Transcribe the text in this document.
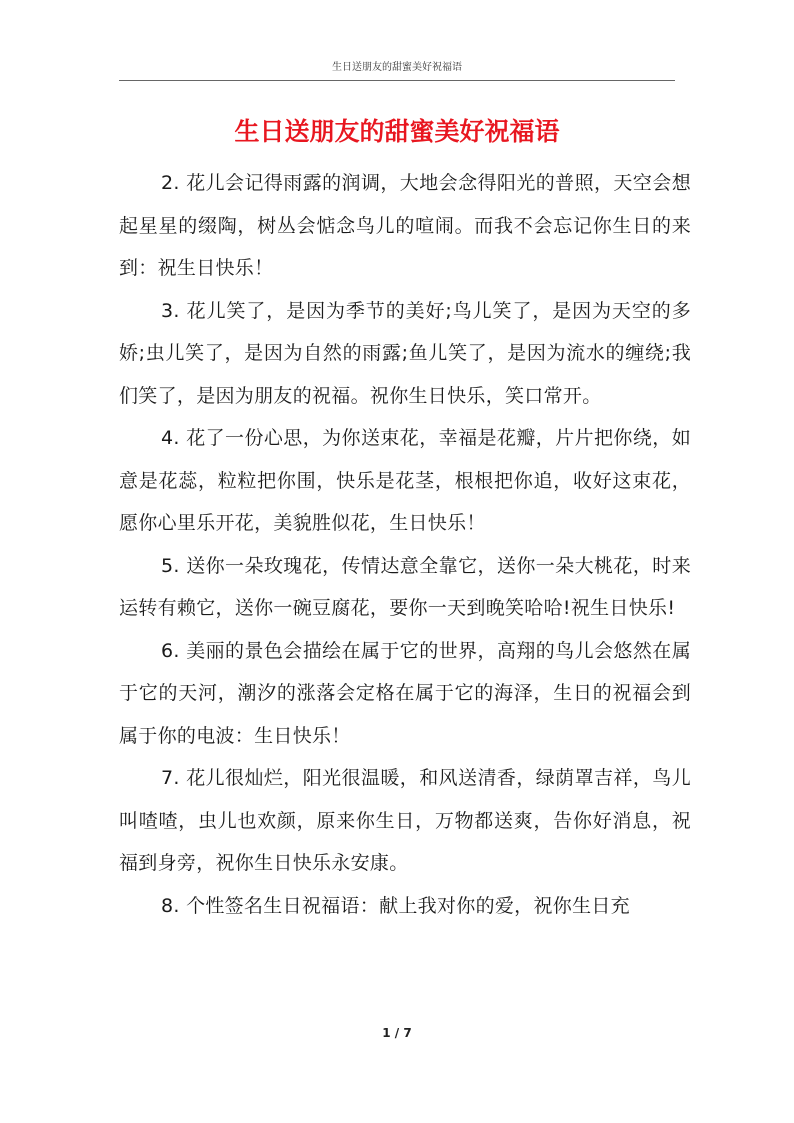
生日送朋友的甜蜜美好祝福语
生日送朋友的甜蜜美好祝福语

2. 花儿会记得雨露的润调，大地会念得阳光的普照，天空会想起星星的缀陶，树丛会惦念鸟儿的喧闹。而我不会忘记你生日的来到：祝生日快乐！

3. 花儿笑了，是因为季节的美好;鸟儿笑了，是因为天空的多娇;虫儿笑了，是因为自然的雨露;鱼儿笑了，是因为流水的缠绕;我们笑了，是因为朋友的祝福。祝你生日快乐，笑口常开。

4. 花了一份心思，为你送束花，幸福是花瓣，片片把你绕，如意是花蕊，粒粒把你围，快乐是花茎，根根把你追，收好这束花，愿你心里乐开花，美貌胜似花，生日快乐！

5. 送你一朵玫瑰花，传情达意全靠它，送你一朵大桃花，时来运转有赖它，送你一碗豆腐花，要你一天到晚笑哈哈!祝生日快乐!

6. 美丽的景色会描绘在属于它的世界，高翔的鸟儿会悠然在属于它的天河，潮汐的涨落会定格在属于它的海泽，生日的祝福会到属于你的电波：生日快乐！

7. 花儿很灿烂，阳光很温暖，和风送清香，绿荫罩吉祥，鸟儿叫喳喳，虫儿也欢颜，原来你生日，万物都送爽，告你好消息，祝福到身旁，祝你生日快乐永安康。

8. 个性签名生日祝福语：献上我对你的爱，祝你生日充

1 / 7
